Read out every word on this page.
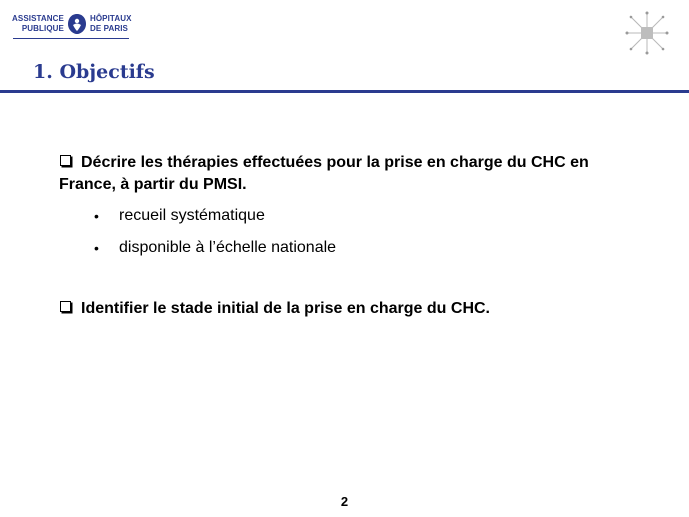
ASSISTANCE
PUBLIQUE
HÔPITAUX
DE PARIS
1. Objectifs
Décrire les thérapies effectuées pour la prise en charge du CHC en France, à partir du PMSI.
•	recueil systématique
•	disponible à l’échelle nationale
Identifier le stade initial de la prise en charge du CHC.
2
